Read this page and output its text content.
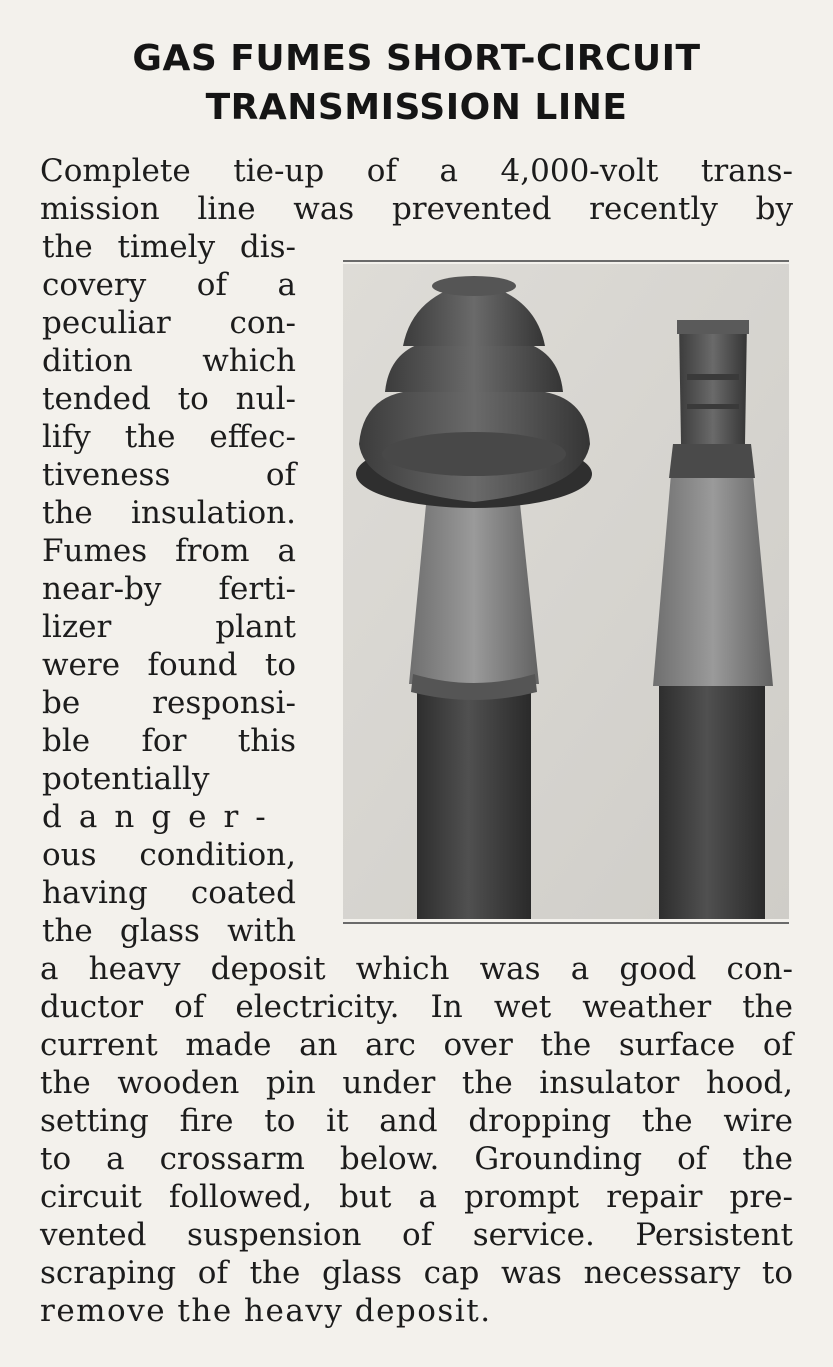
GAS FUMES SHORT-CIRCUIT
TRANSMISSION LINE
Complete tie-up of a 4,000-volt trans-
mission line was prevented recently by
the timely dis-
covery of a
peculiar con-
dition which
tended to nul-
lify the effec-
tiveness of
the insulation.
Fumes from a
near-by ferti-
lizer plant
were found to
be responsi-
ble for this
potentially
danger-
ous condition,
having coated
the glass with
a heavy deposit which was a good con-
ductor of electricity. In wet weather the
current made an arc over the surface of
the wooden pin under the insulator hood,
setting fire to it and dropping the wire
to a crossarm below. Grounding of the
circuit followed, but a prompt repair pre-
vented suspension of service. Persistent
scraping of the glass cap was necessary to
remove the heavy deposit.
